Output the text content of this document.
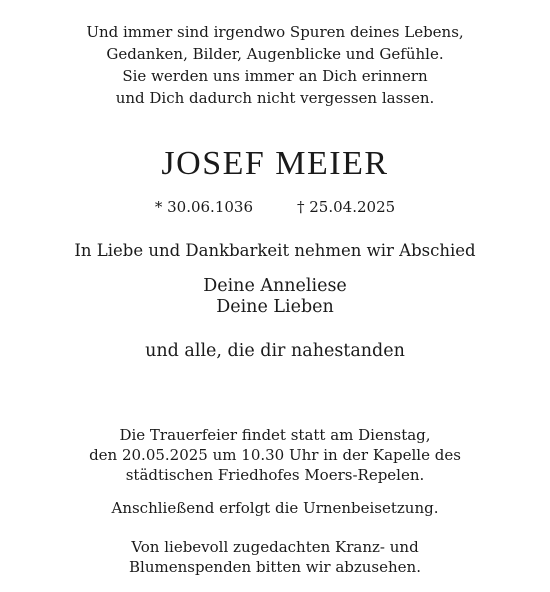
Und immer sind irgendwo Spuren deines Lebens,
Gedanken, Bilder, Augenblicke und Gefühle.
Sie werden uns immer an Dich erinnern
und Dich dadurch nicht vergessen lassen.
JOSEF MEIER
* 30.06.1036	† 25.04.2025
In Liebe und Dankbarkeit nehmen wir Abschied
Deine Anneliese
Deine Lieben
und alle, die dir nahestanden
Die Trauerfeier findet statt am Dienstag,
den 20.05.2025 um 10.30 Uhr in der Kapelle des
städtischen Friedhofes Moers-Repelen.
Anschließend erfolgt die Urnenbeisetzung.
Von liebevoll zugedachten Kranz- und
Blumenspenden bitten wir abzusehen.
